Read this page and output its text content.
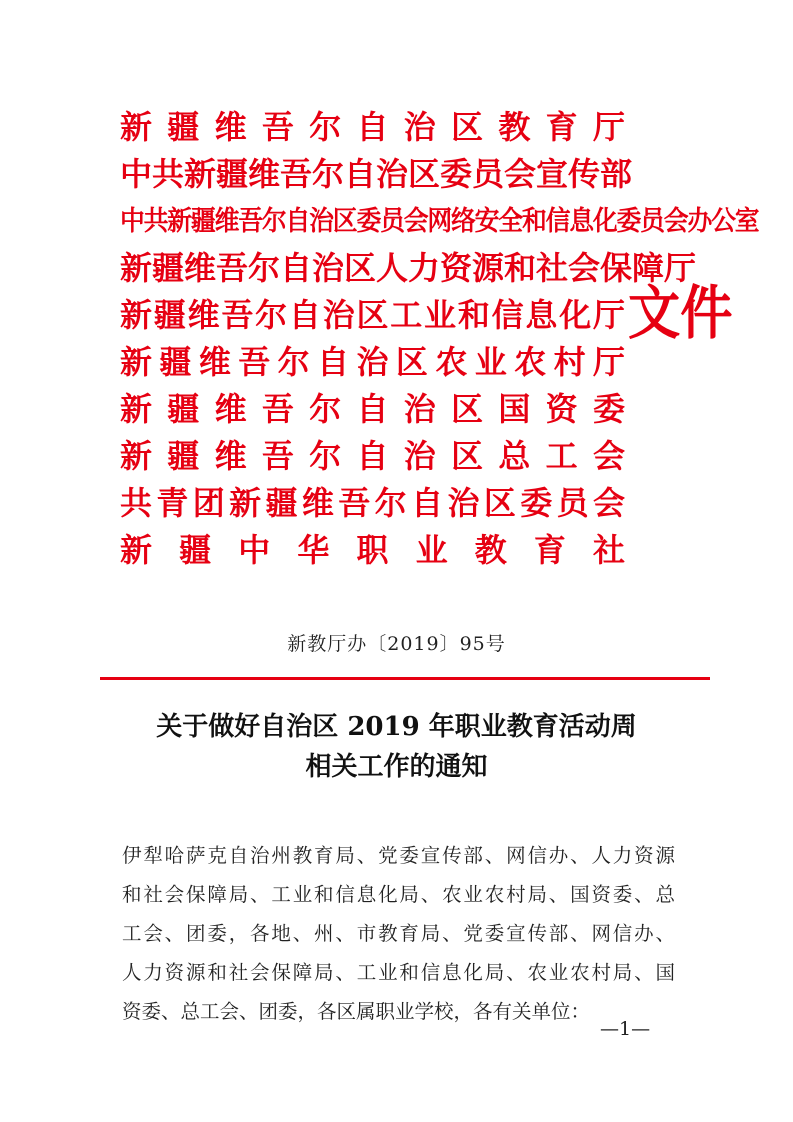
新疆维吾尔自治区教育厅
中共新疆维吾尔自治区委员会宣传部
中共新疆维吾尔自治区委员会网络安全和信息化委员会办公室
新疆维吾尔自治区人力资源和社会保障厅
新疆维吾尔自治区工业和信息化厅
新疆维吾尔自治区农业农村厅
新疆维吾尔自治区国资委
新疆维吾尔自治区总工会
共青团新疆维吾尔自治区委员会
新疆中华职业教育社
文件
新教厅办〔2019〕95号
关于做好自治区 2019 年职业教育活动周
相关工作的通知
伊犁哈萨克自治州教育局、党委宣传部、网信办、人力资源
和社会保障局、工业和信息化局、农业农村局、国资委、总
工会、团委，各地、州、市教育局、党委宣传部、网信办、
人力资源和社会保障局、工业和信息化局、农业农村局、国
资委、总工会、团委，各区属职业学校，各有关单位：
—1—
